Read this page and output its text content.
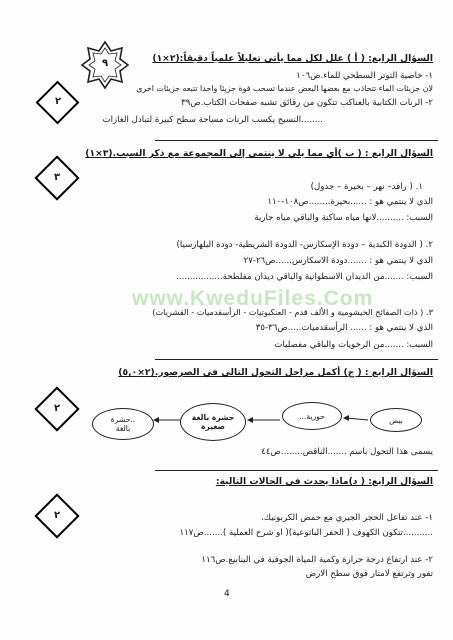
٩	السؤال الرابع: ( أ ) علل لكل مما يأتي تعليلاً علمياً دقيقاً:(٢×١)
١- خاصية التوتر السطحي للماء.ص١٠٦
لان جزيئات الماء تتجاذب مع بعضها البعض عندما تسحب قوة جزيئا واحدا تتبعه جزيئات اخرى
٢- الرنات الكتابية بالعناكب تتكون من رقائق تشبه صفحات الكتاب.ص٣٩
........النسيج يكسب الرنات مساحة سطح كبيرة لتبادل الغازات
٢
السؤال الرابع : ( ب )أي مما يلي لا ينتمي إلى المجموعة مع ذكر السبب.(٣×١)
٣
١. ( رافد– نهر – بحيرة – جدول)
الذي لا ينتمي هو : ......بحيرة........ص١٠٨-١١٠
السبب: ..........لانها مياه ساكنة والباقي مياه جارية
٢. ( الدودة الكبدية – دودة الإسكارس- الدودة الشريطية- دودة البلهارسيا)
الذي لا ينتمي هو : .......دودة الاسكارس......ص٢٦-٢٧
السبب: .......من الديدان الاسطوانية والباقي ديدان مفلطحة.................
www.KweduFiles.Com
٣. ( ذات الصفائح الخيشومية و الألف قدم - العنكبوتيات - الرأسقدميات - القشريات)
الذي لا ينتمي هو : ...... الرأسقدميات.....ص٣٦-٣٥
السبب: .......من الرخويات والباقي مفصليات
السؤال الرابع : ( ج) أكمل مراحل التحول التالي في الصرصور.(٢×٥,٠)
٢
بيض
حورية...
حشرة بالغة صغيرة
..حشرة بالغة
يسمى هذا التحول باسم .......الناقص........ص٤٤
السؤال الرابع: ( د)ماذا يحدث في الحالات التالية:
٢	١- عند تفاعل الحجر الجيري مع حمض الكربونيك.
...........تتكون الكهوف ( الحفر الباثوعية)( او شرح العملية ).......ص١١٧
٢- عند ارتفاع درجة حرارة وكمية المياة الجوفية في الينابيع.ص١١٦
تفور وترتفع لامتار فوق سطح الارض
4
